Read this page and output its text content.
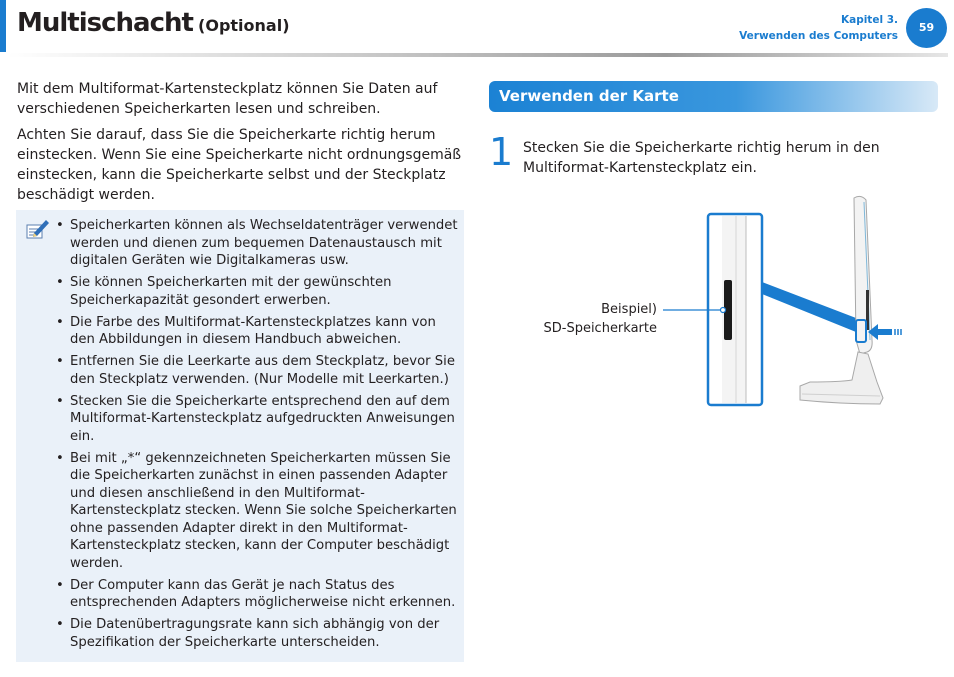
Multischacht (Optional)	Kapitel 3.
Verwenden des Computers
59

Mit dem Multiformat-Kartensteckplatz können Sie Daten auf verschiedenen Speicherkarten lesen und schreiben.

Achten Sie darauf, dass Sie die Speicherkarte richtig herum einstecken. Wenn Sie eine Speicherkarte nicht ordnungsgemäß einstecken, kann die Speicherkarte selbst und der Steckplatz beschädigt werden.

• Speicherkarten können als Wechseldatenträger verwendet werden und dienen zum bequemen Datenaustausch mit digitalen Geräten wie Digitalkameras usw.
• Sie können Speicherkarten mit der gewünschten Speicherkapazität gesondert erwerben.
• Die Farbe des Multiformat-Kartensteckplatzes kann von den Abbildungen in diesem Handbuch abweichen.
• Entfernen Sie die Leerkarte aus dem Steckplatz, bevor Sie den Steckplatz verwenden. (Nur Modelle mit Leerkarten.)
• Stecken Sie die Speicherkarte entsprechend den auf dem Multiformat-Kartensteckplatz aufgedruckten Anweisungen ein.
• Bei mit „*“ gekennzeichneten Speicherkarten müssen Sie die Speicherkarten zunächst in einen passenden Adapter und diesen anschließend in den Multiformat-Kartensteckplatz stecken. Wenn Sie solche Speicherkarten ohne passenden Adapter direkt in den Multiformat-Kartensteckplatz stecken, kann der Computer beschädigt werden.
• Der Computer kann das Gerät je nach Status des entsprechenden Adapters möglicherweise nicht erkennen.
• Die Datenübertragungsrate kann sich abhängig von der Spezifikation der Speicherkarte unterscheiden.
Verwenden der Karte
1 Stecken Sie die Speicherkarte richtig herum in den Multiformat-Kartensteckplatz ein.

Beispiel)
SD-Speicherkarte
